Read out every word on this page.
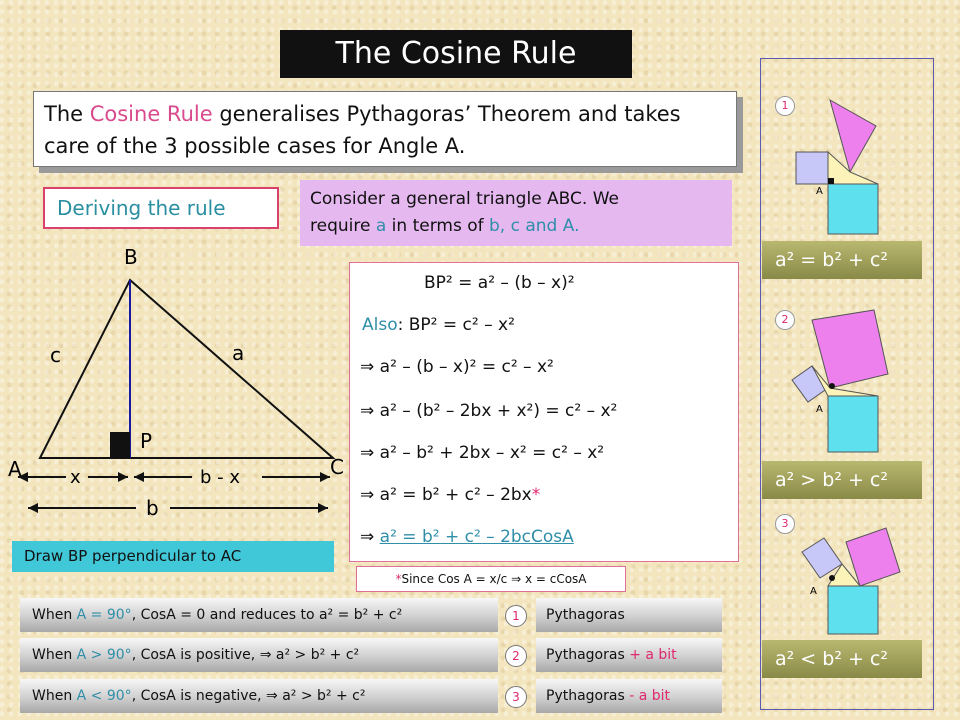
The Cosine Rule
The Cosine Rule generalises Pythagoras’ Theorem and takes care of the 3 possible cases for Angle A.
Deriving the rule	Consider a general triangle ABC. We
require a in terms of b, c and A.
B
c	a
P
A	C
x	b - x
b
BP² = a² – (b – x)²
Also: BP² = c² – x²
⇒ a² – (b – x)² = c² – x²
⇒ a² – (b² – 2bx + x²) = c² – x²
⇒ a² – b² + 2bx – x² = c² – x²
⇒ a² = b² + c² – 2bx*
⇒ a² = b² + c² – 2bcCosA
*Since Cos A = x/c ⇒ x = cCosA
Draw BP perpendicular to AC
When A = 90°, CosA = 0 and reduces to a² = b² + c²	1	Pythagoras
When A > 90°, CosA is positive, ⇒ a² > b² + c²	2	Pythagoras + a bit
When A < 90°, CosA is negative, ⇒ a² > b² + c²	3	Pythagoras - a bit
1
A
a² = b² + c²
2
A
a² > b² + c²
3
A
a² < b² + c²
